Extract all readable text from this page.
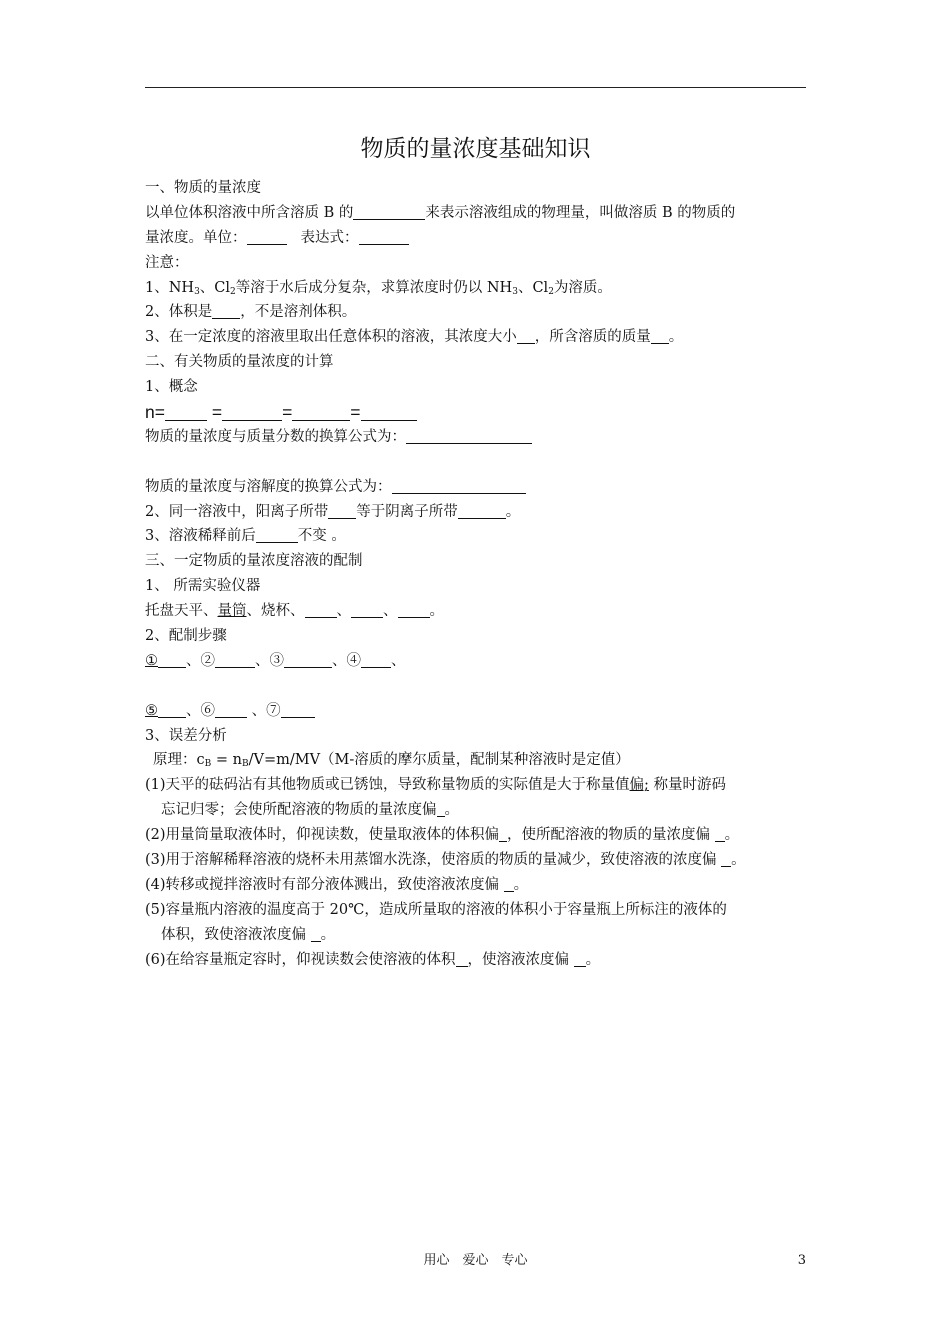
物质的量浓度基础知识
一、物质的量浓度
以单位体积溶液中所含溶质 B 的	来表示溶液组成的物理量，叫做溶质 B 的物质的
量浓度。单位：	表达式：
注意：
1、$NH_3$、$Cl_2$等溶于水后成分复杂，求算浓度时仍以 $NH_3$、$Cl_2$为溶质。
2、体积是 ，不是溶剂体积。
3、在一定浓度的溶液里取出任意体积的溶液，其浓度大小 ，所含溶质的质量 。
二、有关物质的量浓度的计算
1、概念
n=	=	=	=
物质的量浓度与质量分数的换算公式为：
物质的量浓度与溶解度的换算公式为：
2、同一溶液中，阳离子所带 等于阴离子所带	。
3、溶液稀释前后	不变 。
三、一定物质的量浓度溶液的配制
1、 所需实验仪器
托盘天平、量筒、烧杯、 、 、 。
2、配制步骤
① 、②	、③	、④ 、
⑤ 、⑥ 、⑦
3、误差分析
原理：$c_B = n_B/V=m/MV(M-$溶质的摩尔质量，配制某种溶液时是定值）
(1)天平的砝码沾有其他物质或已锈蚀，导致称量物质的实际值是大于称量值偏; 称量时游码
忘记归零；会使所配溶液的物质的量浓度偏 。
(2)用量筒量取液体时，仰视读数，使量取液体的体积偏 ，使所配溶液的物质的量浓度偏 。
(3)用于溶解稀释溶液的烧杯未用蒸馏水洗涤，使溶质的物质的量减少，致使溶液的浓度偏 。
(4)转移或搅拌溶液时有部分液体溅出，致使溶液浓度偏 。
(5)容量瓶内溶液的温度高于 20℃，造成所量取的溶液的体积小于容量瓶上所标注的液体的
体积，致使溶液浓度偏 。
(6)在给容量瓶定容时，仰视读数会使溶液的体积 ，使溶液浓度偏 。
用心　爱心　专心	3
